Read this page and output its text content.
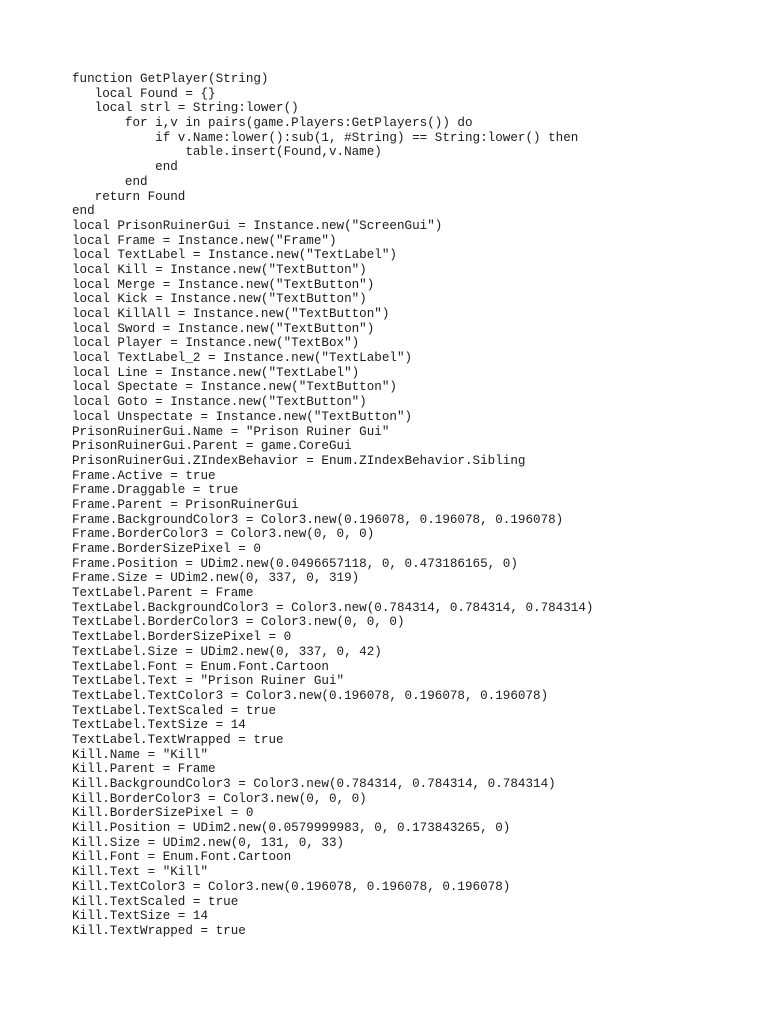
function GetPlayer(String)
local Found = {}
local strl = String:lower()
for i,v in pairs(game.Players:GetPlayers()) do
if v.Name:lower():sub(1, #String) == String:lower() then
table.insert(Found,v.Name)
end
end
return Found
end
local PrisonRuinerGui = Instance.new("ScreenGui")
local Frame = Instance.new("Frame")
local TextLabel = Instance.new("TextLabel")
local Kill = Instance.new("TextButton")
local Merge = Instance.new("TextButton")
local Kick = Instance.new("TextButton")
local KillAll = Instance.new("TextButton")
local Sword = Instance.new("TextButton")
local Player = Instance.new("TextBox")
local TextLabel_2 = Instance.new("TextLabel")
local Line = Instance.new("TextLabel")
local Spectate = Instance.new("TextButton")
local Goto = Instance.new("TextButton")
local Unspectate = Instance.new("TextButton")
PrisonRuinerGui.Name = "Prison Ruiner Gui"
PrisonRuinerGui.Parent = game.CoreGui
PrisonRuinerGui.ZIndexBehavior = Enum.ZIndexBehavior.Sibling
Frame.Active = true
Frame.Draggable = true
Frame.Parent = PrisonRuinerGui
Frame.BackgroundColor3 = Color3.new(0.196078, 0.196078, 0.196078)
Frame.BorderColor3 = Color3.new(0, 0, 0)
Frame.BorderSizePixel = 0
Frame.Position = UDim2.new(0.0496657118, 0, 0.473186165, 0)
Frame.Size = UDim2.new(0, 337, 0, 319)
TextLabel.Parent = Frame
TextLabel.BackgroundColor3 = Color3.new(0.784314, 0.784314, 0.784314)
TextLabel.BorderColor3 = Color3.new(0, 0, 0)
TextLabel.BorderSizePixel = 0
TextLabel.Size = UDim2.new(0, 337, 0, 42)
TextLabel.Font = Enum.Font.Cartoon
TextLabel.Text = "Prison Ruiner Gui"
TextLabel.TextColor3 = Color3.new(0.196078, 0.196078, 0.196078)
TextLabel.TextScaled = true
TextLabel.TextSize = 14
TextLabel.TextWrapped = true
Kill.Name = "Kill"
Kill.Parent = Frame
Kill.BackgroundColor3 = Color3.new(0.784314, 0.784314, 0.784314)
Kill.BorderColor3 = Color3.new(0, 0, 0)
Kill.BorderSizePixel = 0
Kill.Position = UDim2.new(0.0579999983, 0, 0.173843265, 0)
Kill.Size = UDim2.new(0, 131, 0, 33)
Kill.Font = Enum.Font.Cartoon
Kill.Text = "Kill"
Kill.TextColor3 = Color3.new(0.196078, 0.196078, 0.196078)
Kill.TextScaled = true
Kill.TextSize = 14
Kill.TextWrapped = true
